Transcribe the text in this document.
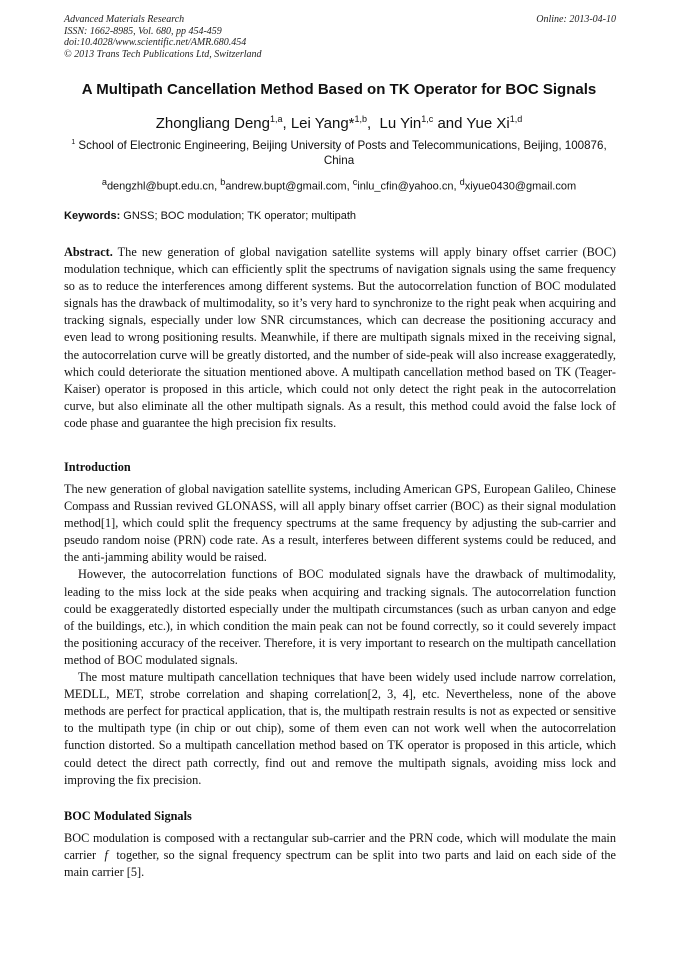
Advanced Materials Research
ISSN: 1662-8985, Vol. 680, pp 454-459
doi:10.4028/www.scientific.net/AMR.680.454
© 2013 Trans Tech Publications Ltd, Switzerland
Online: 2013-04-10
A Multipath Cancellation Method Based on TK Operator for BOC Signals
Zhongliang Deng$^{1,a}$, Lei Yang*$^{1,b}$,  Lu Yin$^{1,c}$ and Yue Xi$^{1,d}$
$^1$ School of Electronic Engineering, Beijing University of Posts and Telecommunications, Beijing, 100876, China
$^a$dengzhl@bupt.edu.cn, $^b$andrew.bupt@gmail.com, $^c$inlu_cfin@yahoo.cn, $^d$xiyue0430@gmail.com
Keywords: GNSS; BOC modulation; TK operator; multipath

Abstract. The new generation of global navigation satellite systems will apply binary offset carrier (BOC) modulation technique, which can efficiently split the spectrums of navigation signals using the same frequency so as to reduce the interferences among different systems. But the autocorrelation function of BOC modulated signals has the drawback of multimodality, so it’s very hard to synchronize to the right peak when acquiring and tracking signals, especially under low SNR circumstances, which can decrease the positioning accuracy and even lead to wrong positioning results. Meanwhile, if there are multipath signals mixed in the receiving signal, the autocorrelation curve will be greatly distorted, and the number of side-peak will also increase exaggeratedly, which could deteriorate the situation mentioned above. A multipath cancellation method based on TK (Teager-Kaiser) operator is proposed in this article, which could not only detect the right peak in the autocorrelation curve, but also eliminate all the other multipath signals. As a result, this method could avoid the false lock of code phase and guarantee the high precision fix results.

Introduction

The new generation of global navigation satellite systems, including American GPS, European Galileo, Chinese Compass and Russian revived GLONASS, will all apply binary offset carrier (BOC) as their signal modulation method[1], which could split the frequency spectrums at the same frequency by adjusting the sub-carrier and pseudo random noise (PRN) code rate. As a result, interferes between different systems could be reduced, and the anti-jamming ability would be raised.

However, the autocorrelation functions of BOC modulated signals have the drawback of multimodality, leading to the miss lock at the side peaks when acquiring and tracking signals. The autocorrelation function could be exaggeratedly distorted especially under the multipath circumstances (such as urban canyon and edge of the buildings, etc.), in which condition the main peak can not be found correctly, so it could severely impact the positioning accuracy of the receiver. Therefore, it is very important to research on the multipath cancellation method of BOC modulated signals.

The most mature multipath cancellation techniques that have been widely used include narrow correlation, MEDLL, MET, strobe correlation and shaping correlation[2, 3, 4], etc. Nevertheless, none of the above methods are perfect for practical application, that is, the multipath restrain results is not as expected or sensitive to the multipath type (in chip or out chip), some of them even can not work well when the autocorrelation function distorted. So a multipath cancellation method based on TK operator is proposed in this article, which could detect the direct path correctly, find out and remove the multipath signals, avoiding miss lock and improving the fix precision.

BOC Modulated Signals

BOC modulation is composed with a rectangular sub-carrier and the PRN code, which will modulate the main carrier f together, so the signal frequency spectrum can be split into two parts and laid on each side of the main carrier [5].
